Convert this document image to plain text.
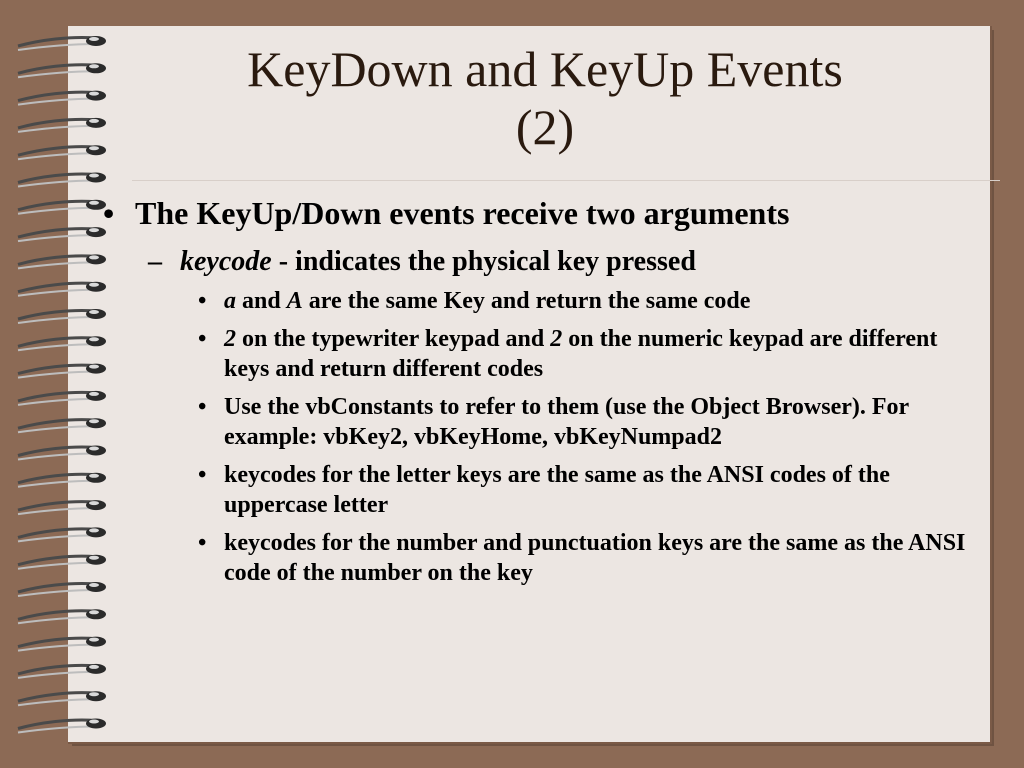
KeyDown and KeyUp Events
(2)
• The KeyUp/Down events receive two arguments
– keycode - indicates the physical key pressed
• a and A are the same Key and return the same code
• 2 on the typewriter keypad and 2 on the numeric keypad are different keys and return different codes
• Use the vbConstants to refer to them (use the Object Browser). For example: vbKey2, vbKeyHome, vbKeyNumpad2
• keycodes for the letter keys are the same as the ANSI codes of the uppercase letter
• keycodes for the number and punctuation keys are the same as the ANSI code of the number on the key
